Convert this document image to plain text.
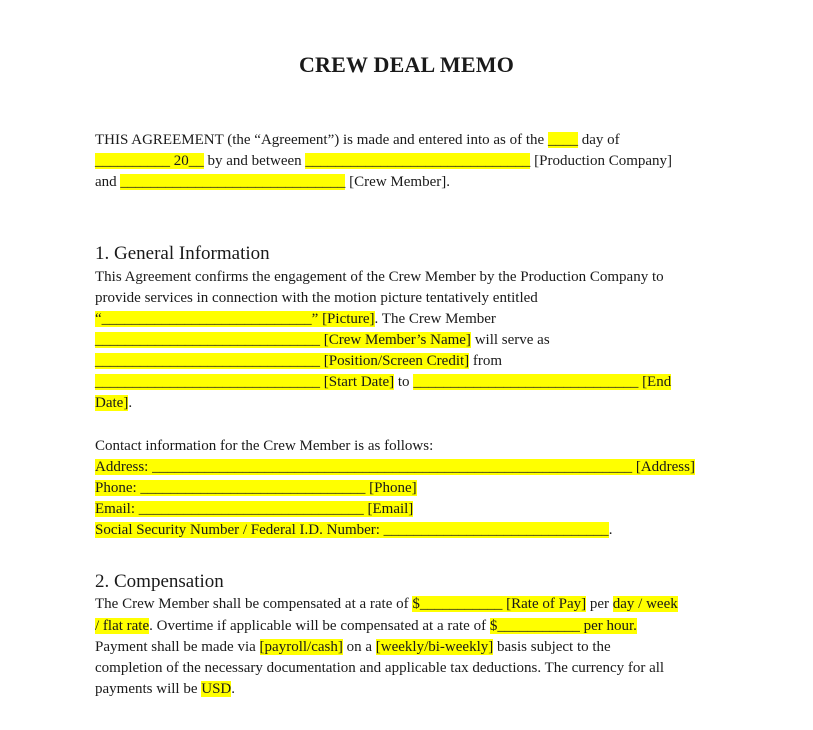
CREW DEAL MEMO
THIS AGREEMENT (the “Agreement”) is made and entered into as of the ____ day of
__________ 20__ by and between ______________________________ [Production Company]
and ______________________________ [Crew Member].
1. General Information
This Agreement confirms the engagement of the Crew Member by the Production Company to
provide services in connection with the motion picture tentatively entitled
“____________________________” [Picture]. The Crew Member
______________________________ [Crew Member’s Name] will serve as
______________________________ [Position/Screen Credit] from
______________________________ [Start Date] to ______________________________ [End
Date].
Contact information for the Crew Member is as follows:
Address: ________________________________________________________________ [Address]
Phone: ______________________________ [Phone]
Email: ______________________________ [Email]
Social Security Number / Federal I.D. Number: ______________________________.
2. Compensation
The Crew Member shall be compensated at a rate of $___________ [Rate of Pay] per day / week
/ flat rate. Overtime if applicable will be compensated at a rate of $___________ per hour.
Payment shall be made via [payroll/cash] on a [weekly/bi-weekly] basis subject to the
completion of the necessary documentation and applicable tax deductions. The currency for all
payments will be USD.
